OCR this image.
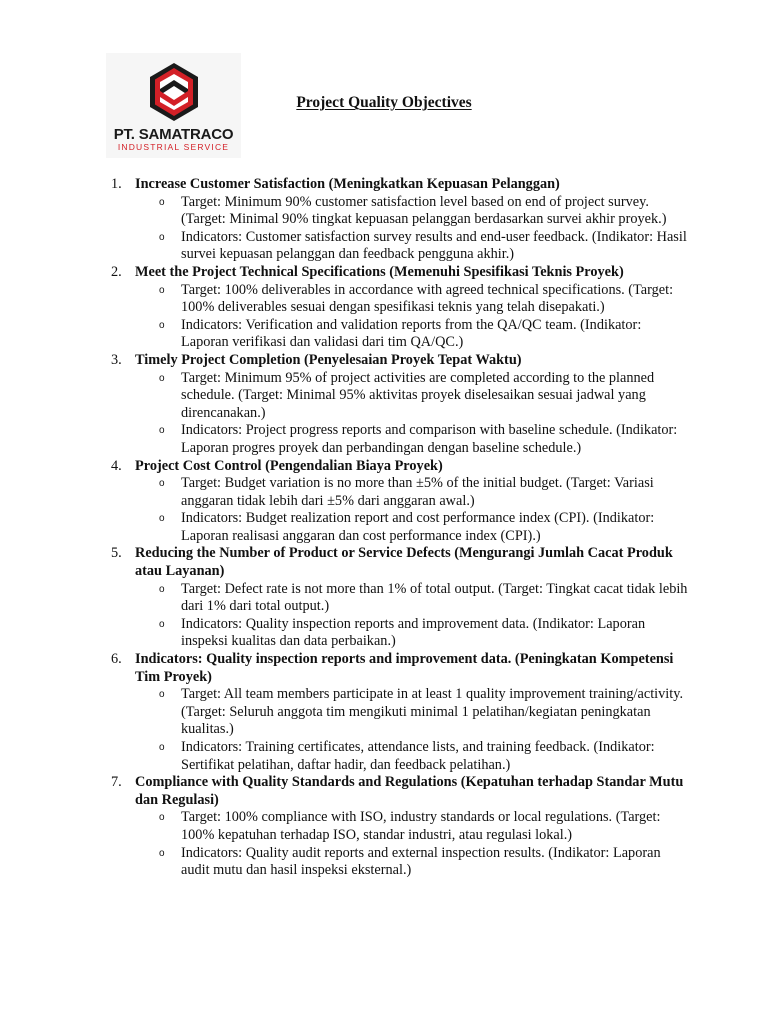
PT. SAMATRACO
INDUSTRIAL SERVICE
Project Quality Objectives
1. Increase Customer Satisfaction (Meningkatkan Kepuasan Pelanggan)
o	Target: Minimum 90% customer satisfaction level based on end of project survey. (Target: Minimal 90% tingkat kepuasan pelanggan berdasarkan survei akhir proyek.)
o	Indicators: Customer satisfaction survey results and end-user feedback. (Indikator: Hasil survei kepuasan pelanggan dan feedback pengguna akhir.)
2. Meet the Project Technical Specifications (Memenuhi Spesifikasi Teknis Proyek)
o	Target: 100% deliverables in accordance with agreed technical specifications. (Target: 100% deliverables sesuai dengan spesifikasi teknis yang telah disepakati.)
o	Indicators: Verification and validation reports from the QA/QC team. (Indikator: Laporan verifikasi dan validasi dari tim QA/QC.)
3. Timely Project Completion (Penyelesaian Proyek Tepat Waktu)
o	Target: Minimum 95% of project activities are completed according to the planned schedule. (Target: Minimal 95% aktivitas proyek diselesaikan sesuai jadwal yang direncanakan.)
o	Indicators: Project progress reports and comparison with baseline schedule. (Indikator: Laporan progres proyek dan perbandingan dengan baseline schedule.)
4. Project Cost Control (Pengendalian Biaya Proyek)
o	Target: Budget variation is no more than ±5% of the initial budget. (Target: Variasi anggaran tidak lebih dari ±5% dari anggaran awal.)
o	Indicators: Budget realization report and cost performance index (CPI). (Indikator: Laporan realisasi anggaran dan cost performance index (CPI).)
5. Reducing the Number of Product or Service Defects (Mengurangi Jumlah Cacat Produk atau Layanan)
o	Target: Defect rate is not more than 1% of total output. (Target: Tingkat cacat tidak lebih dari 1% dari total output.)
o	Indicators: Quality inspection reports and improvement data. (Indikator: Laporan inspeksi kualitas dan data perbaikan.)
6. Indicators: Quality inspection reports and improvement data. (Peningkatan Kompetensi Tim Proyek)
o	Target: All team members participate in at least 1 quality improvement training/activity. (Target: Seluruh anggota tim mengikuti minimal 1 pelatihan/kegiatan peningkatan kualitas.)
o	Indicators: Training certificates, attendance lists, and training feedback. (Indikator: Sertifikat pelatihan, daftar hadir, dan feedback pelatihan.)
7. Compliance with Quality Standards and Regulations (Kepatuhan terhadap Standar Mutu dan Regulasi)
o	Target: 100% compliance with ISO, industry standards or local regulations. (Target: 100% kepatuhan terhadap ISO, standar industri, atau regulasi lokal.)
o	Indicators: Quality audit reports and external inspection results. (Indikator: Laporan audit mutu dan hasil inspeksi eksternal.)
